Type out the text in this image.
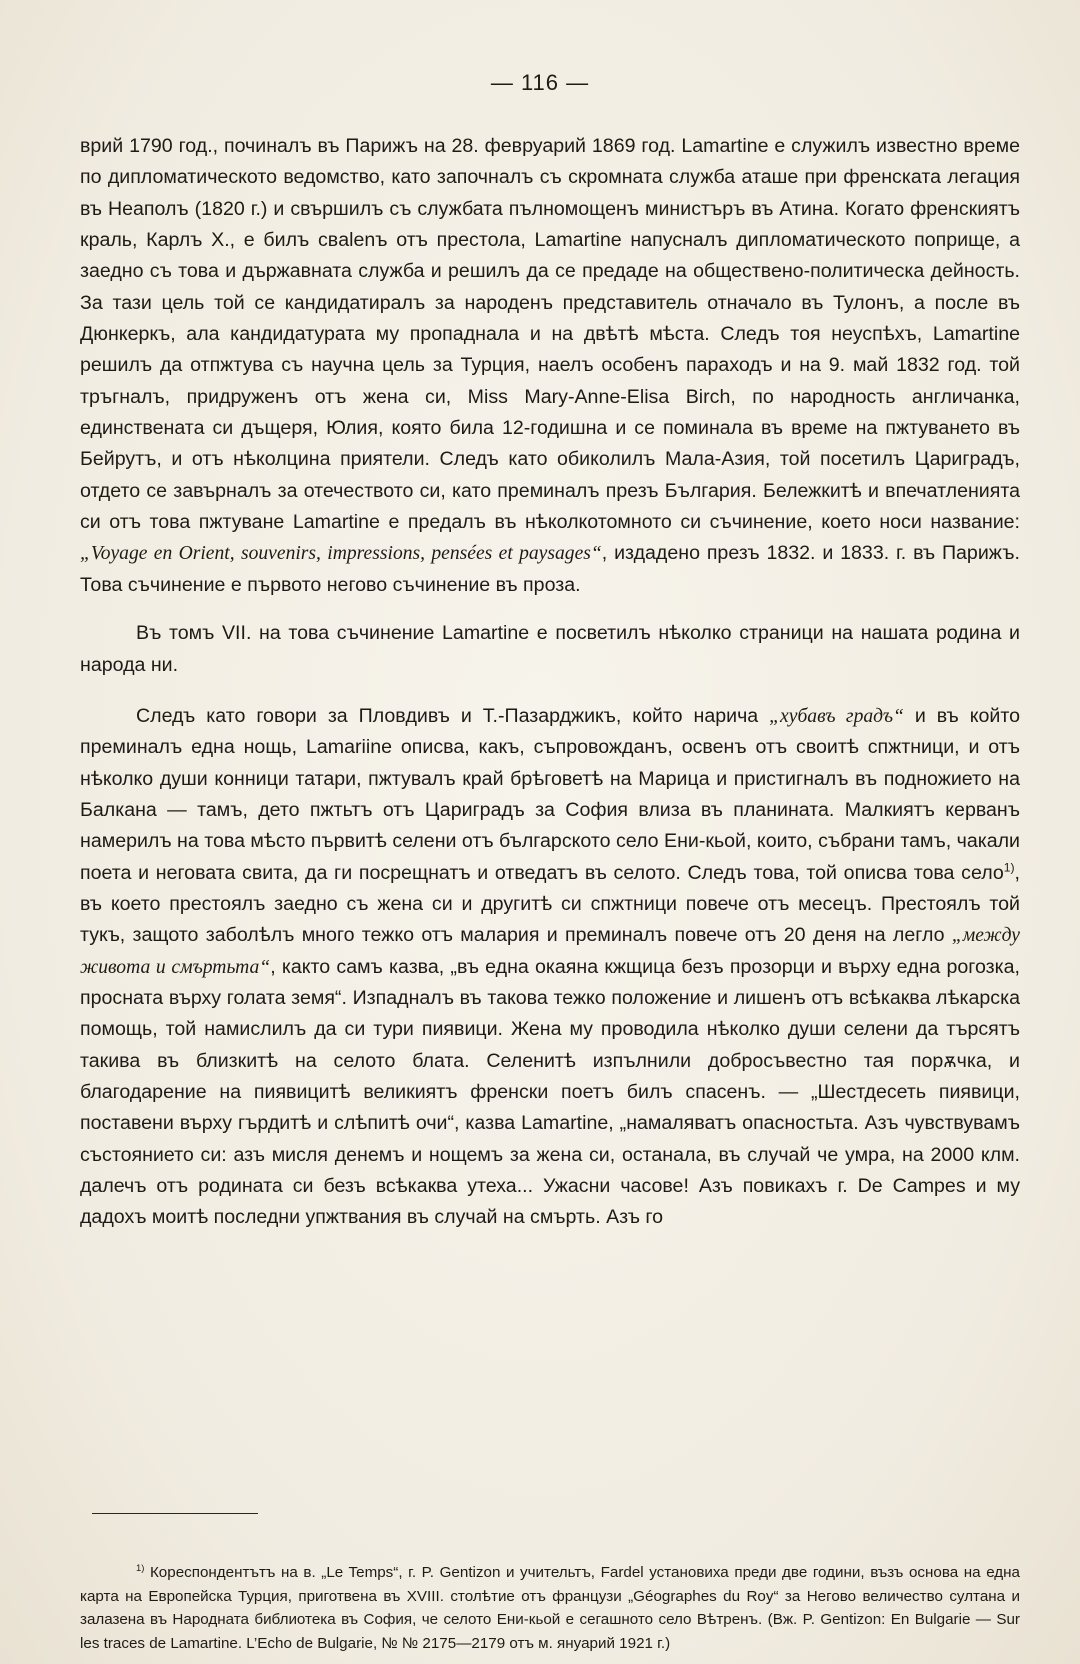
— 116 —

врий 1790 год., починалъ въ Парижъ на 28. февруарий 1869 год. Lamartine е служилъ известно време по дипломатическото ведомство, като започналъ съ скромната служба аташе при френската легация въ Неаполъ (1820 г.) и свършилъ съ службата пълномощенъ министъръ въ Атина. Когато френскиятъ краль, Карлъ X., е билъ свalenъ отъ престола, Lamartine напусналъ дипломатическото поприще, а заедно съ това и държавната служба и решилъ да се предаде на обществено-политическа дейность. За тази цель той се кандидатиралъ за народенъ представитель отначало въ Тулонъ, а после въ Дюнкеркъ, ала кандидатурата му пропаднала и на двѣтѣ мѣста. Следъ тоя неуспѣхъ, Lamartine решилъ да отпжтува съ научна цель за Турция, наелъ особенъ параходъ и на 9. май 1832 год. той тръгналъ, придруженъ отъ жена си, Miss Mary-Anne-Elisa Birch, по народность англичанка, единствената си дъщеря, Юлия, която била 12-годишна и се поминала въ време на пжтуването въ Бейрутъ, и отъ нѣколцина приятели. Следъ като обиколилъ Мала-Азия, той посетилъ Цариградъ, отдето се завърналъ за отечеството си, като преминалъ презъ България. Бележкитѣ и впечатленията си отъ това пжтуване Lamartine е предалъ въ нѣколкотомното си съчинение, което носи название: „Voyage en Orient, souvenirs, impressions, pensées et paysages“, издадено презъ 1832. и 1833. г. въ Парижъ. Това съчинение е първото негово съчинение въ проза.

Въ томъ VII. на това съчинение Lamartine е посветилъ нѣколко страници на нашата родина и народа ни.

Следъ като говори за Пловдивъ и Т.-Пазарджикъ, който нарича „хубавъ градъ“ и въ който преминалъ една нощь, Lamariine описва, какъ, съпровожданъ, освенъ отъ своитѣ спжтници, и отъ нѣколко души конници татари, пжтувалъ край брѣговетѣ на Марица и пристигналъ въ подножието на Балкана — тамъ, дето пжтьтъ отъ Цариградъ за София влиза въ планината. Малкиятъ керванъ намерилъ на това мѣсто първитѣ селени отъ българското село Ени-кьой, които, събрани тамъ, чакали поета и неговата свита, да ги посрещнатъ и отведатъ въ селото. Следъ това, той описва това село$^{1)}$, въ което престоялъ заедно съ жена си и другитѣ си спжтници повече отъ месецъ. Престоялъ той тукъ, защото заболѣлъ много тежко отъ малария и преминалъ повече отъ 20 деня на легло „между живота и смъртьта“, както самъ казва, „въ една окаяна кжщица безъ прозорци и върху една рогозка, просната върху голата земя“. Изпадналъ въ такова тежко положение и лишенъ отъ всѣкаква лѣкарска помощь, той намислилъ да си тури пиявици. Жена му проводила нѣколко души селени да търсятъ такива въ близкитѣ на селото блата. Селенитѣ изпълнили добросъвестно тая порѫчка, и благодарение на пиявицитѣ великиятъ френски поетъ билъ спасенъ. — „Шестдесеть пиявици, поставени върху гърдитѣ и слѣпитѣ очи“, казва Lamartine, „намаляватъ опасностьта. Азъ чувствувамъ състоянието си: азъ мисля денемъ и нощемъ за жена си, останала, въ случай че умра, на 2000 клм. далечъ отъ родината си безъ всѣкаква утеха... Ужасни часове! Азъ повикахъ г. De Campes и му дадохъ моитѣ последни упжтвания въ случай на смърть. Азъ го

$^{1)}$ Кореспондентътъ на в. „Le Temps“, г. P. Gentizon и учительтъ, Fardel установиха преди две години, възъ основа на една карта на Европейска Турция, приготвена въ XVIII. столѣтие отъ французи „Géographes du Roy“ за Негово величество султана и залазена въ Народната библиотека въ София, че селото Ени-кьой е сегашното село Вѣтренъ. (Вж. P. Gentizon: En Bulgarie — Sur les traces de Lamartine. L’Echo de Bulgarie, № № 2175—2179 отъ м. януарий 1921 г.)
